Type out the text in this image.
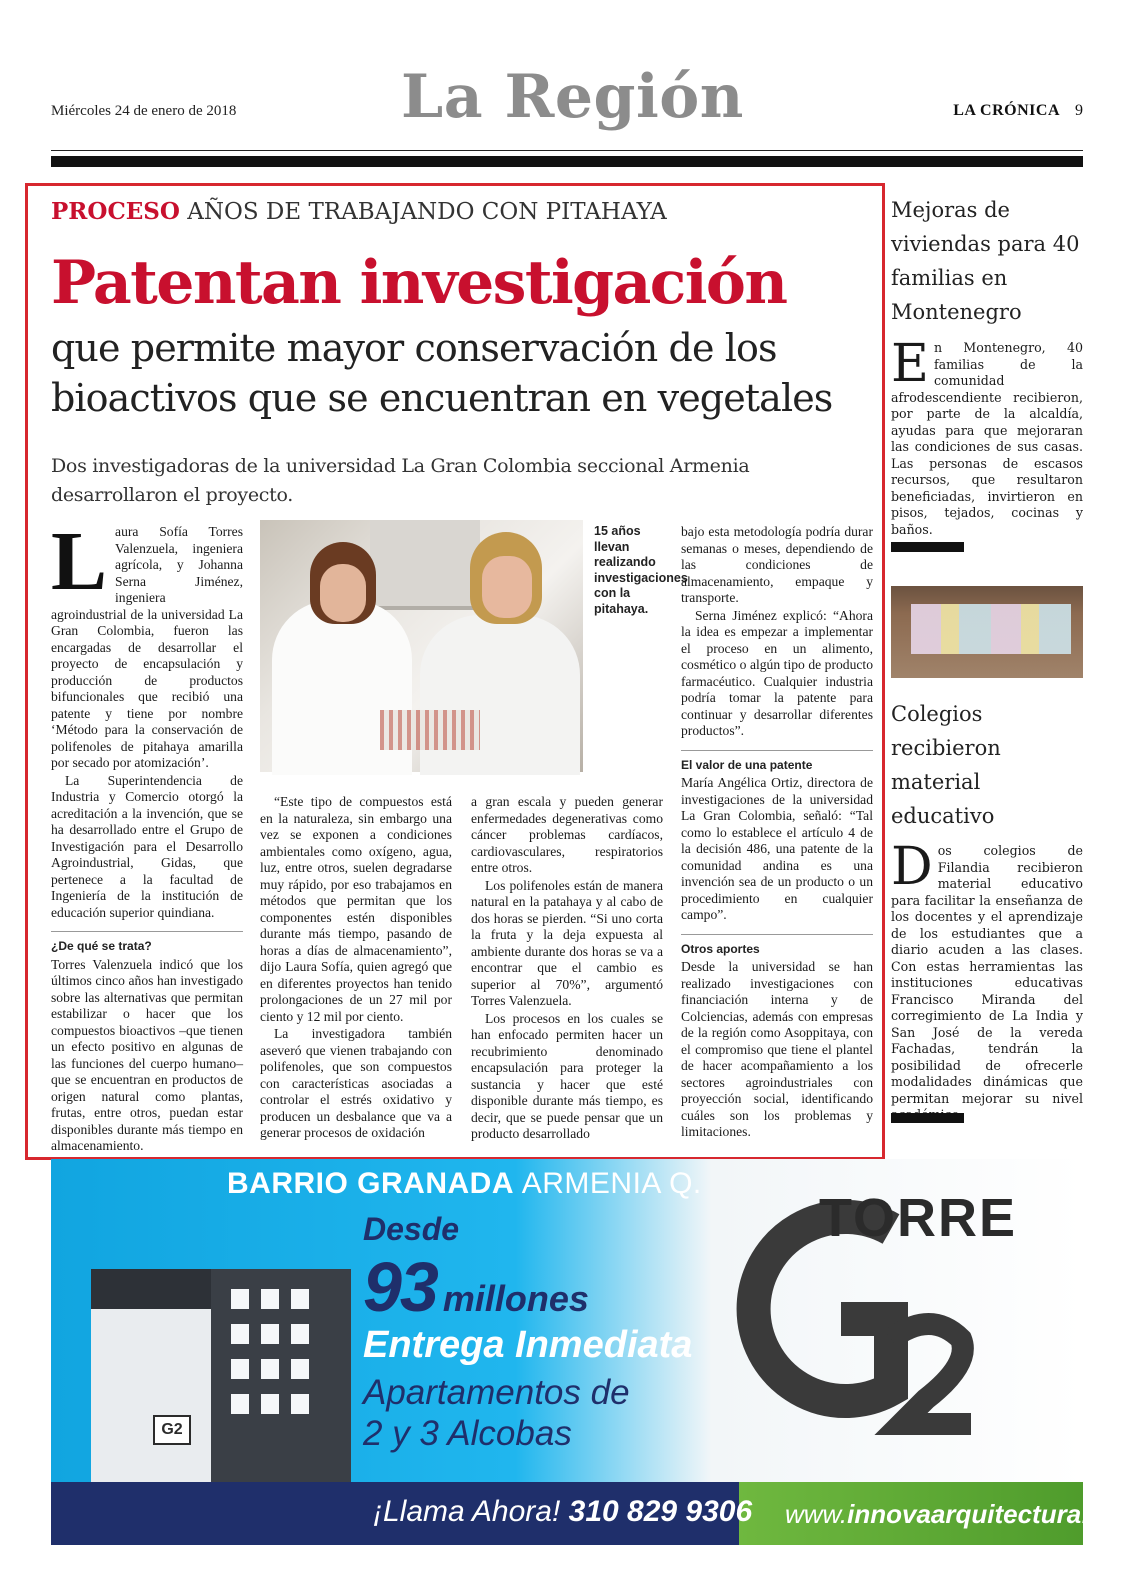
Miércoles 24 de enero de 2018	La Región	LA CRÓNICA 9
PROCESO AÑOS DE TRABAJANDO CON PITAHAYA
Patentan investigación
que permite mayor conservación de los bioactivos que se encuentran en vegetales
Dos investigadoras de la universidad La Gran Colombia seccional Armenia desarrollaron el proyecto.
L aura Sofía Torres Valenzuela, ingeniera agrícola, y Johanna Serna Jiménez, ingeniera agroindustrial de la universidad La Gran Colombia, fueron las encargadas de desarrollar el proyecto de encapsulación y producción de productos bifuncionales que recibió una patente y tiene por nombre ‘Método para la conservación de polifenoles de pitahaya amarilla por secado por atomización’.

La Superintendencia de Industria y Comercio otorgó la acreditación a la invención, que se ha desarrollado entre el Grupo de Investigación para el Desarrollo Agroindustrial, Gidas, que pertenece a la facultad de Ingeniería de la institución de educación superior quindiana.

¿De qué se trata?

Torres Valenzuela indicó que los últimos cinco años han investigado sobre las alternativas que permitan estabilizar o hacer que los compuestos bioactivos –que tienen un efecto positivo en algunas de las funciones del cuerpo humano– que se encuentran en productos de origen natural como plantas, frutas, entre otros, puedan estar disponibles durante más tiempo en almacenamiento.

15 años llevan realizando investigaciones con la pitahaya.

“Este tipo de compuestos está en la naturaleza, sin embargo una vez se exponen a condiciones ambientales como oxígeno, agua, luz, entre otros, suelen degradarse muy rápido, por eso trabajamos en métodos que permitan que los componentes estén disponibles durante más tiempo, pasando de horas a días de almacenamiento”, dijo Laura Sofía, quien agregó que en diferentes proyectos han tenido prolongaciones de un 27 mil por ciento y 12 mil por ciento.

La investigadora también aseveró que vienen trabajando con polifenoles, que son compuestos con características asociadas a controlar el estrés oxidativo y producen un desbalance que va a generar procesos de oxidación

a gran escala y pueden generar enfermedades degenerativas como cáncer problemas cardíacos, cardiovasculares, respiratorios entre otros.

Los polifenoles están de manera natural en la patahaya y al cabo de dos horas se pierden. “Si uno corta la fruta y la deja expuesta al ambiente durante dos horas se va a encontrar que el cambio es superior al 70%”, argumentó Torres Valenzuela.

Los procesos en los cuales se han enfocado permiten hacer un recubrimiento denominado encapsulación para proteger la sustancia y hacer que esté disponible durante más tiempo, es decir, que se puede pensar que un producto desarrollado

bajo esta metodología podría durar semanas o meses, dependiendo de las condiciones de almacenamiento, empaque y transporte.

Serna Jiménez explicó: “Ahora la idea es empezar a implementar el proceso en un alimento, cosmético o algún tipo de producto farmacéutico. Cualquier industria podría tomar la patente para continuar y desarrollar diferentes productos”.

El valor de una patente

María Angélica Ortiz, directora de investigaciones de la universidad La Gran Colombia, señaló: “Tal como lo establece el artículo 4 de la decisión 486, una patente de la comunidad andina es una invención sea de un producto o un procedimiento en cualquier campo”.

Otros aportes

Desde la universidad se han realizado investigaciones con financiación interna y de Colciencias, además con empresas de la región como Asoppitaya, con el compromiso que tiene el plantel de hacer acompañamiento a los sectores agroindustriales con proyección social, identificando cuáles son los problemas y limitaciones.

Mejoras de viviendas para 40 familias en Montenegro
E n Montenegro, 40 familias de la comunidad afrodescendiente recibieron, por parte de la alcaldía, ayudas para que mejoraran las condiciones de sus casas. Las personas de escasos recursos, que resultaron beneficiadas, invirtieron en pisos, tejados, cocinas y baños.
Colegios recibieron material educativo
D os colegios de Filandia recibieron material educativo para facilitar la enseñanza de los docentes y el aprendizaje de los estudiantes que a diario acuden a las clases. Con estas herramientas las instituciones educativas Francisco Miranda del corregimiento de La India y San José de la vereda Fachadas, tendrán la posibilidad de ofrecerle modalidades dinámicas que permitan mejorar su nivel
G2
BARRIO GRANADA ARMENIA Q.
Desde
93 millones
Entrega Inmediata
Apartamentos de
2 y 3 Alcobas
TORRE
¡Llama Ahora! 310 829 9306 www.innovaarquitectura.com
